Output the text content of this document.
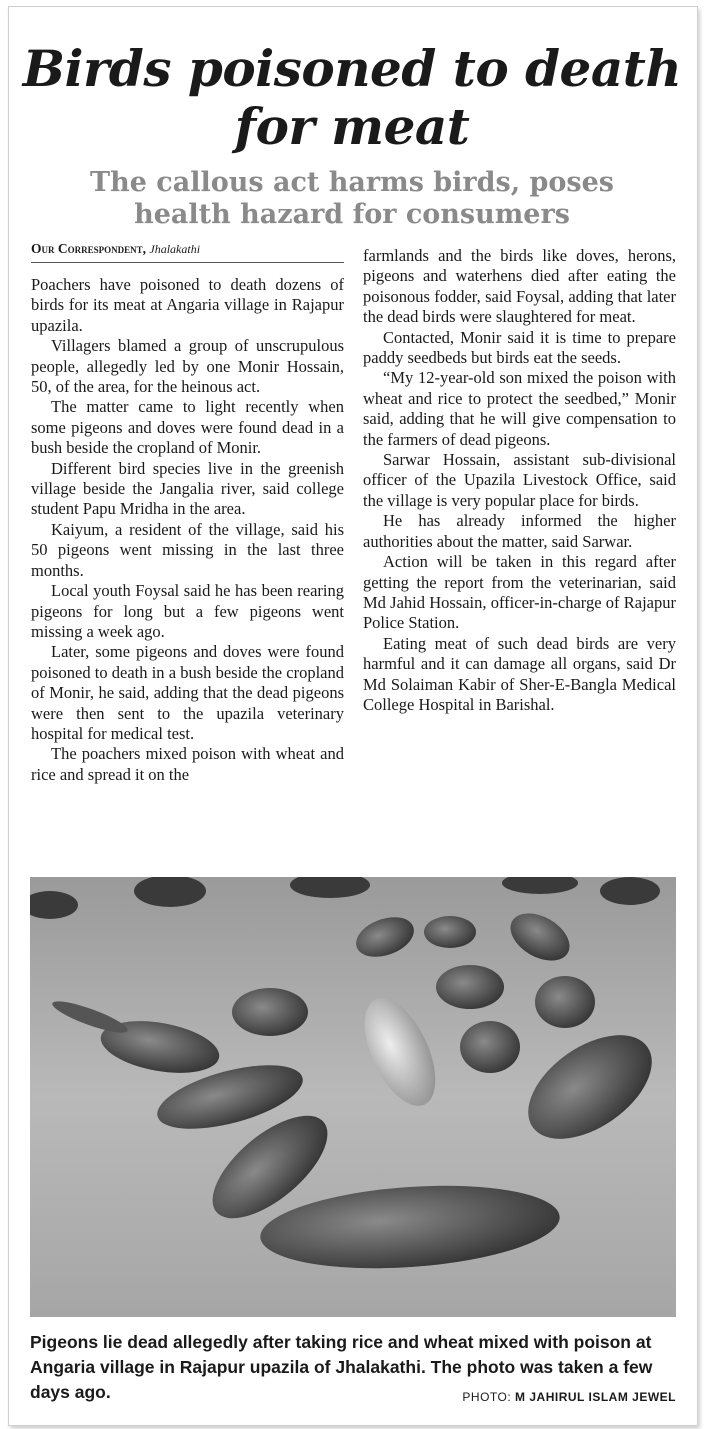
Birds poisoned to death for meat
The callous act harms birds, poses health hazard for consumers
Our Correspondent, Jhalakathi

Poachers have poisoned to death dozens of birds for its meat at Angaria village in Rajapur upazila.

Villagers blamed a group of unscrupulous people, allegedly led by one Monir Hossain, 50, of the area, for the heinous act.

The matter came to light recently when some pigeons and doves were found dead in a bush beside the cropland of Monir.

Different bird species live in the greenish village beside the Jangalia river, said college student Papu Mridha in the area.

Kaiyum, a resident of the village, said his 50 pigeons went missing in the last three months.

Local youth Foysal said he has been rearing pigeons for long but a few pigeons went missing a week ago.

Later, some pigeons and doves were found poisoned to death in a bush beside the cropland of Monir, he said, adding that the dead pigeons were then sent to the upazila veterinary hospital for medical test.

The poachers mixed poison with wheat and rice and spread it on the

farmlands and the birds like doves, herons, pigeons and waterhens died after eating the poisonous fodder, said Foysal, adding that later the dead birds were slaughtered for meat.

Contacted, Monir said it is time to prepare paddy seedbeds but birds eat the seeds.

“My 12-year-old son mixed the poison with wheat and rice to protect the seedbed,” Monir said, adding that he will give compensation to the farmers of dead pigeons.

Sarwar Hossain, assistant sub-divisional officer of the Upazila Livestock Office, said the village is very popular place for birds.

He has already informed the higher authorities about the matter, said Sarwar.

Action will be taken in this regard after getting the report from the veterinarian, said Md Jahid Hossain, officer-in-charge of Rajapur Police Station.

Eating meat of such dead birds are very harmful and it can damage all organs, said Dr Md Solaiman Kabir of Sher-E-Bangla Medical College Hospital in Barishal.

Pigeons lie dead allegedly after taking rice and wheat mixed with poison at Angaria village in Rajapur upazila of Jhalakathi. The photo was taken a few days ago.	PHOTO: M JAHIRUL ISLAM JEWEL
